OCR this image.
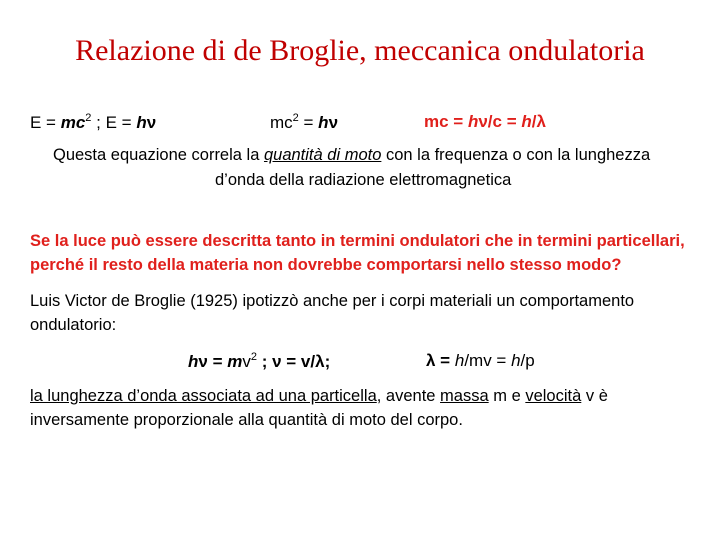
Relazione di de Broglie, meccanica ondulatoria
$E = mc^2$ ; E = hν	$mc^2 = h\nu$	mc = hν/c = h/λ
Questa equazione correla la quantità di moto con la frequenza o con la lunghezza
d’onda della radiazione elettromagnetica
Se la luce può essere descritta tanto in termini ondulatori che in termini particellari,
perché il resto della materia non dovrebbe comportarsi nello stesso modo?
Luis Victor de Broglie (1925) ipotizzò anche per i corpi materiali un comportamento
ondulatorio:
$h\nu = mv^2$ ; ν = v/λ;	λ = h/mv = h/p
la lunghezza d’onda associata ad una particella, avente massa m e velocità v è
inversamente proporzionale alla quantità di moto del corpo.
